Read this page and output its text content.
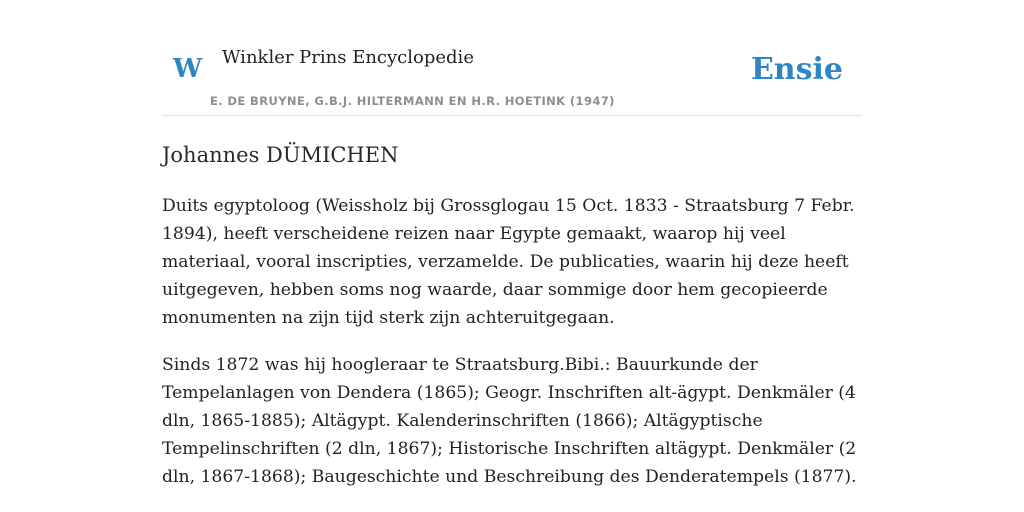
W Winkler Prins Encyclopedie
E. DE BRUYNE, G.B.J. HILTERMANN EN H.R. HOETINK (1947)
Ensie
Johannes DÜMICHEN

Duits egyptoloog (Weissholz bij Grossglogau 15 Oct. 1833 - Straatsburg 7 Febr. 1894), heeft verscheidene reizen naar Egypte gemaakt, waarop hij veel materiaal, vooral inscripties, verzamelde. De publicaties, waarin hij deze heeft uitgegeven, hebben soms nog waarde, daar sommige door hem gecopieerde monumenten na zijn tijd sterk zijn achteruitgegaan.

Sinds 1872 was hij hoogleraar te Straatsburg.Bibi.: Bauurkunde der Tempelanlagen von Dendera (1865); Geogr. Inschriften alt-ägypt. Denkmäler (4 dln, 1865-1885); Altägypt. Kalenderinschriften (1866); Altägyptische Tempelinschriften (2 dln, 1867); Historische Inschriften altägypt. Denkmäler (2 dln, 1867-1868); Baugeschichte und Beschreibung des Denderatempels (1877).
